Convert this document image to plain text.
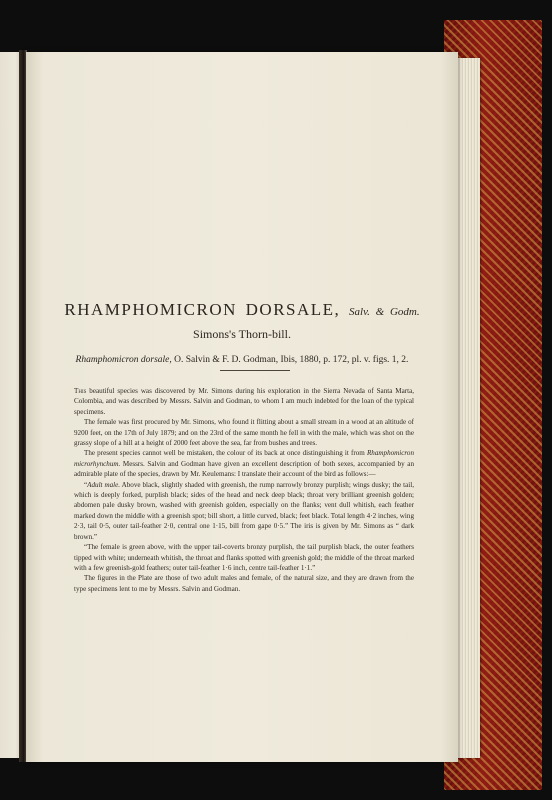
RHAMPHOMICRON DORSALE, Salv. & Godm.
Simons's Thorn-bill.
Rhamphomicron dorsale, O. Salvin & F. D. Godman, Ibis, 1880, p. 172, pl. v. figs. 1, 2.

This beautiful species was discovered by Mr. Simons during his exploration in the Sierra Nevada of Santa Marta, Colombia, and was described by Messrs. Salvin and Godman, to whom I am much indebted for the loan of the typical specimens.

The female was first procured by Mr. Simons, who found it flitting about a small stream in a wood at an altitude of 9200 feet, on the 17th of July 1879; and on the 23rd of the same month he fell in with the male, which was shot on the grassy slope of a hill at a height of 2000 feet above the sea, far from bushes and trees.

The present species cannot well be mistaken, the colour of its back at once distinguishing it from Rhamphomicron microrhynchum. Messrs. Salvin and Godman have given an excellent description of both sexes, accompanied by an admirable plate of the species, drawn by Mr. Keulemans: I translate their account of the bird as follows:—

“Adult male. Above black, slightly shaded with greenish, the rump narrowly bronzy purplish; wings dusky; the tail, which is deeply forked, purplish black; sides of the head and neck deep black; throat very brilliant greenish golden; abdomen pale dusky brown, washed with greenish golden, especially on the flanks; vent dull whitish, each feather marked down the middle with a greenish spot; bill short, a little curved, black; feet black. Total length 4·2 inches, wing 2·3, tail 0·5, outer tail-feather 2·0, central one 1·15, bill from gape 0·5.” The iris is given by Mr. Simons as “ dark brown.”

“The female is green above, with the upper tail-coverts bronzy purplish, the tail purplish black, the outer feathers tipped with white; underneath whitish, the throat and flanks spotted with greenish gold; the middle of the throat marked with a few greenish-gold feathers; outer tail-feather 1·6 inch, centre tail-feather 1·1.”

The figures in the Plate are those of two adult males and female, of the natural size, and they are drawn from the type specimens lent to me by Messrs. Salvin and Godman.
